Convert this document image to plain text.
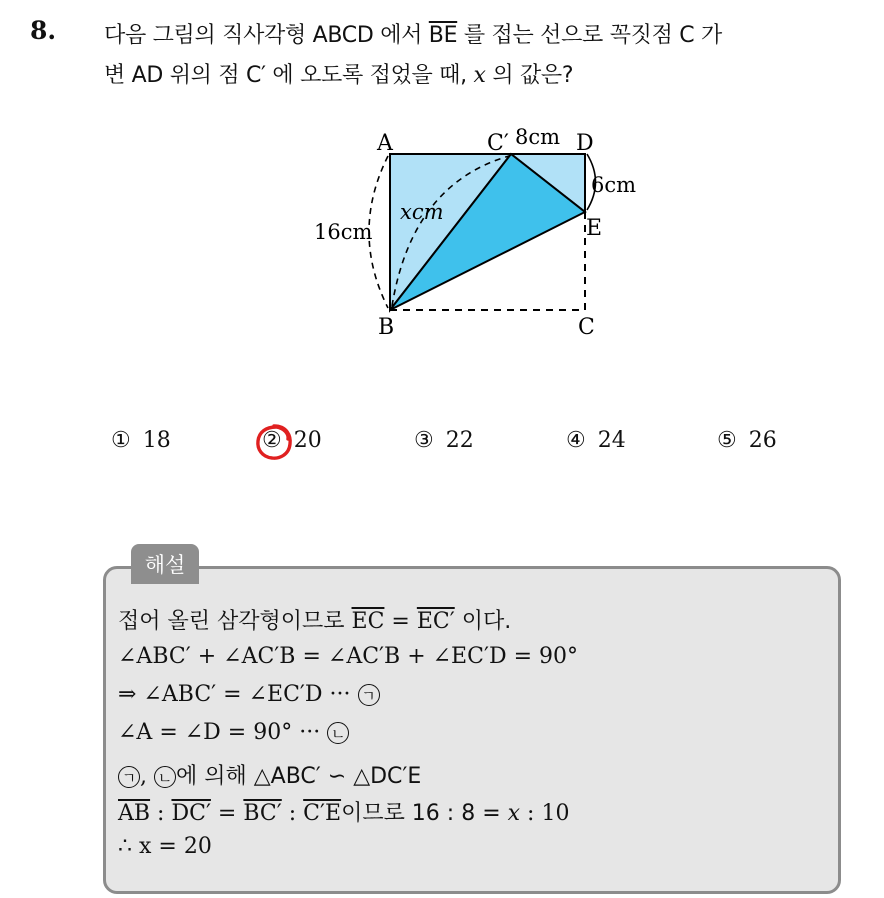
8. 다음 그림의 직사각형 ABCD 에서 $\overline{BE}$ 를 접는 선으로 꼭짓점 C 가
변 AD 위의 점 C′ 에 오도록 접었을 때, x 의 값은?
A	C′	D
E
B	C
8cm
6cm
16cm
xcm
① 18	② 20	③ 22	④ 24	⑤ 26
해설
접어 올린 삼각형이므로 $\overline{EC} = EC'$ 이다.
∠ABC′ + ∠AC′B = ∠AC′B + ∠EC′D = 90°
⇒ ∠ABC′ = ∠EC′D ··· ㄱ
∠A = ∠D = 90° ··· ㄴ
ㄱ , ㄴ 에 의해 △ABC′ ∽ △DC′E
$\overline{AB}$ : DC′ = BC′ : C′E이므로 16 : 8 = x : 10
∴ x = 20
